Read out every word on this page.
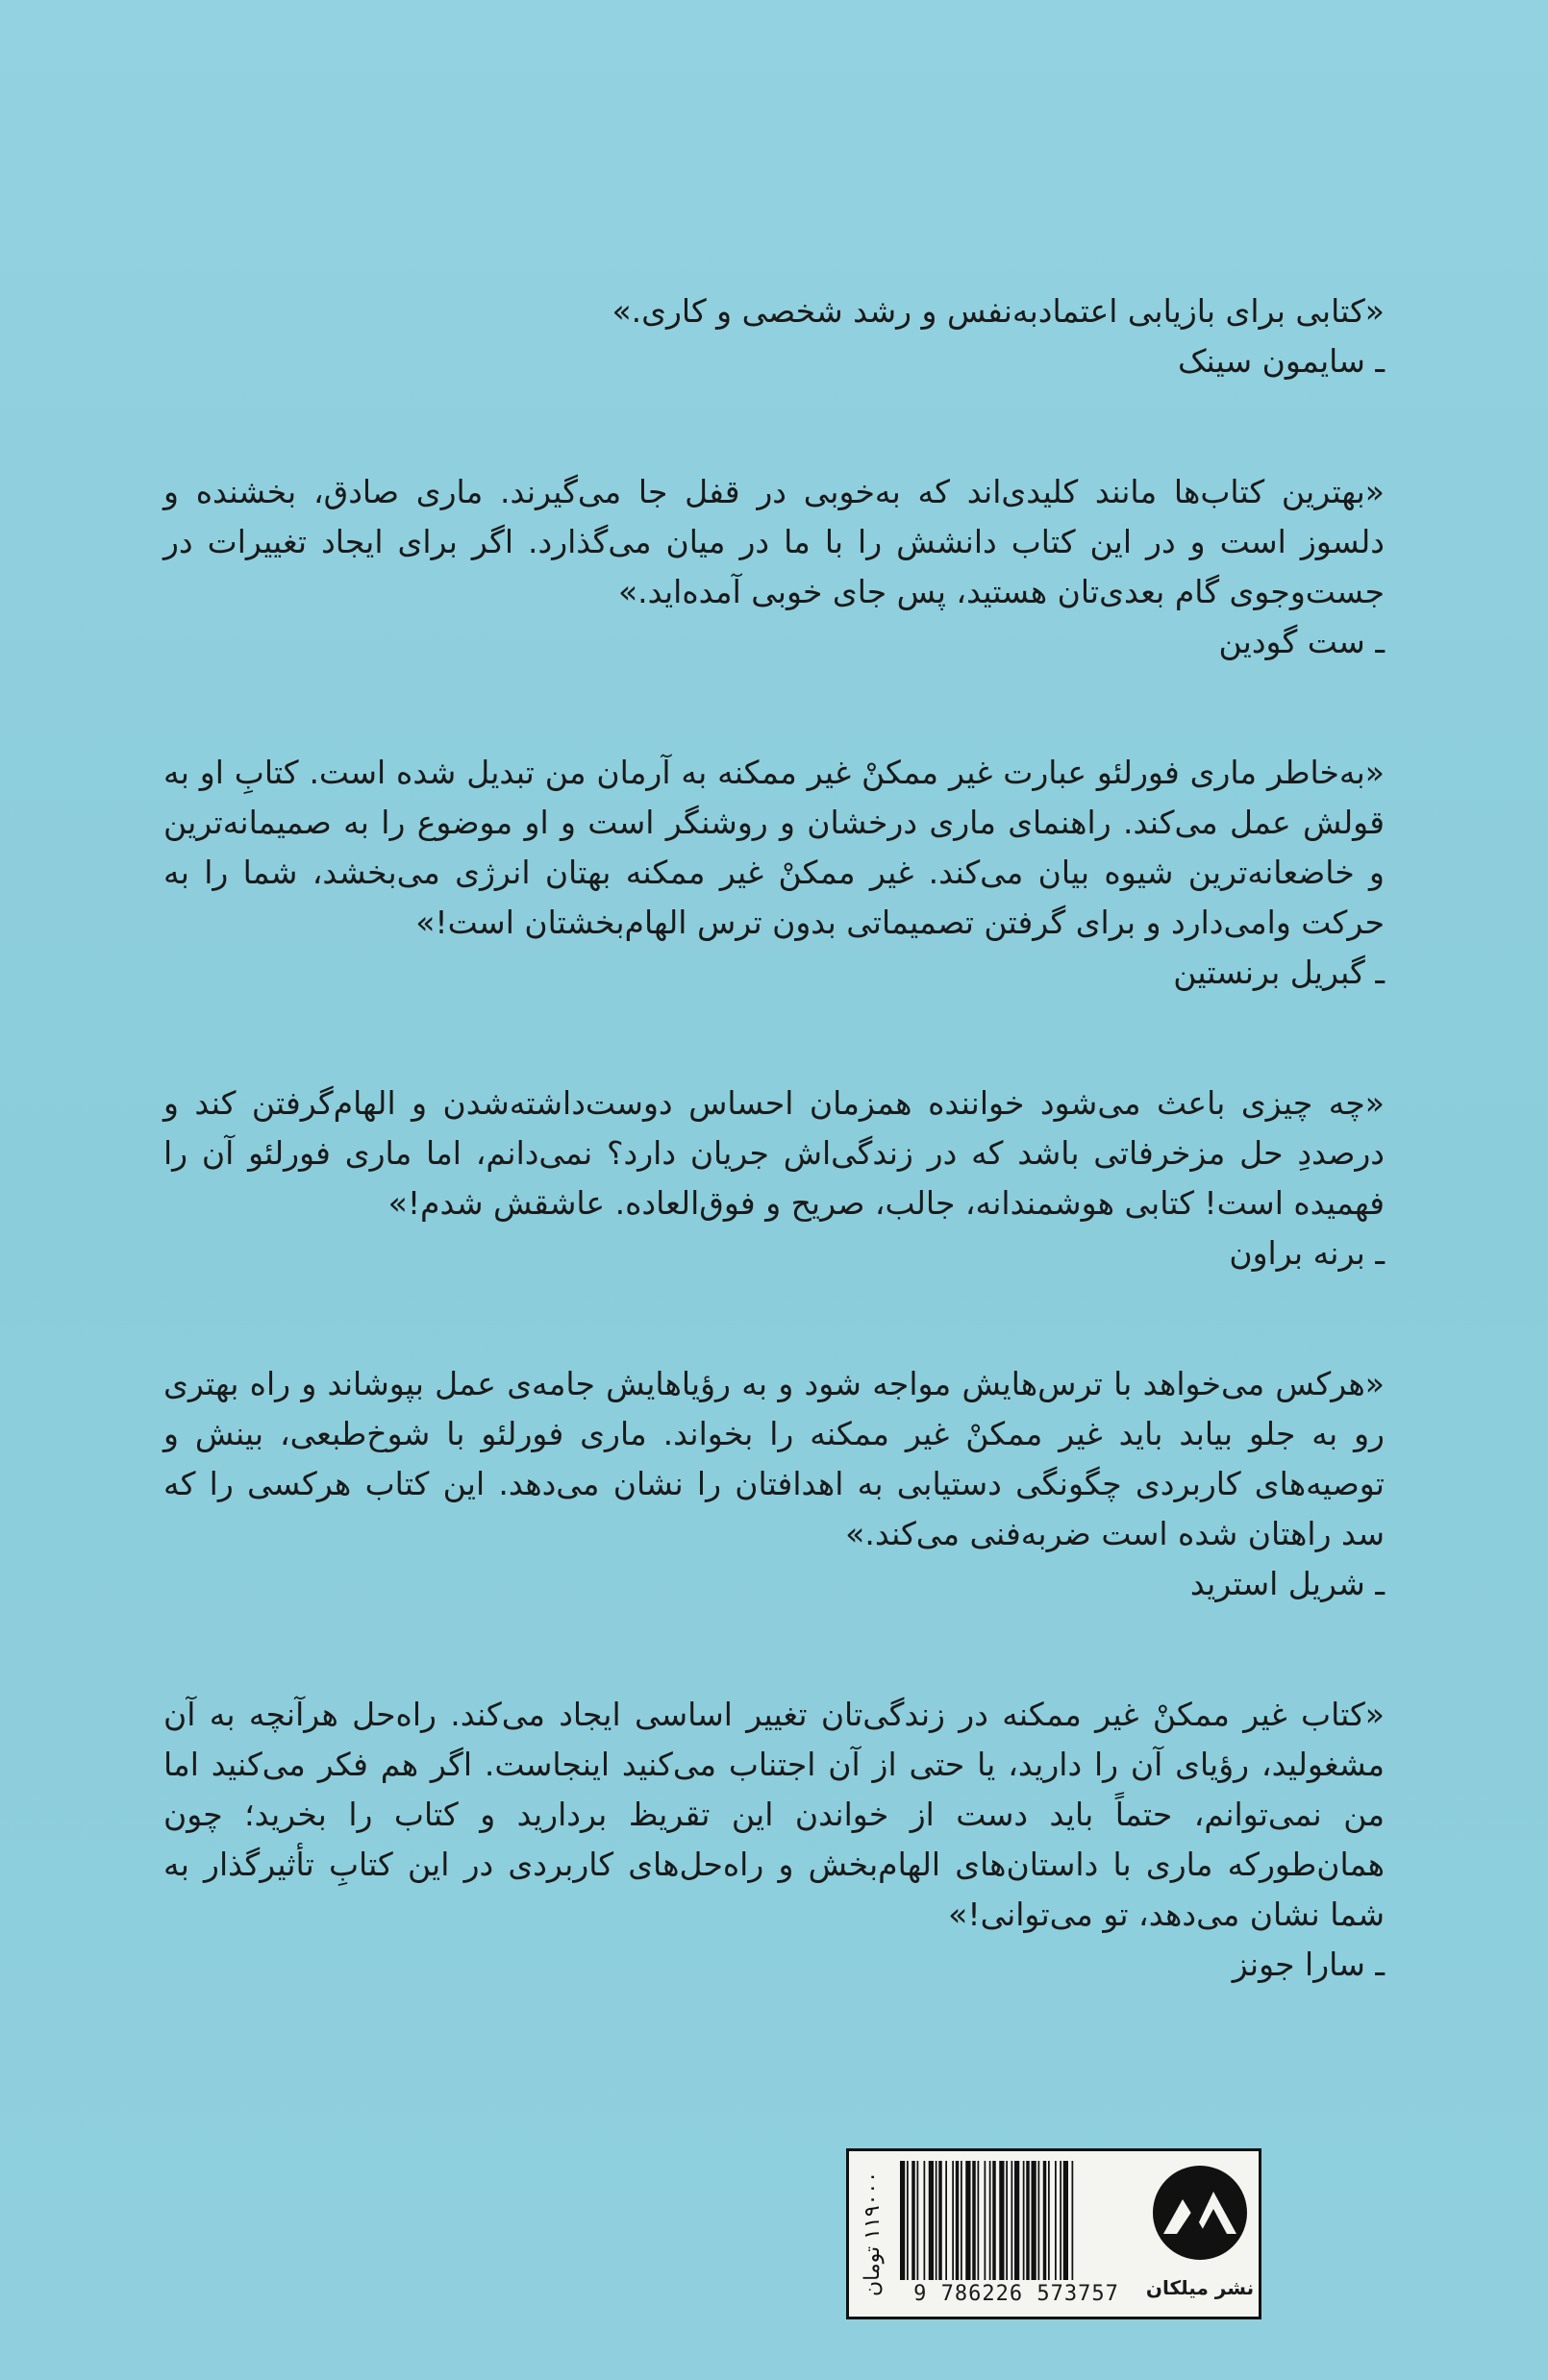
«کتابی برای بازیابی اعتمادبه‌نفس و رشد شخصی و کاری.»

ـ سایمون سینک

«بهترین کتاب‌ها مانند کلیدی‌اند که به‌خوبی در قفل جا می‌گیرند. ماری صادق، بخشنده و دلسوز است و در این کتاب دانشش را با ما در میان می‌گذارد. اگر برای ایجاد تغییرات در جست‌وجوی گام بعدی‌تان هستید، پس جای خوبی آمده‌اید.»

ـ ست گودین

«به‌خاطر ماری فورلئو عبارت غیر ممکنْ غیر ممکنه به آرمان من تبدیل شده است. کتابِ او به قولش عمل می‌کند. راهنمای ماری درخشان و روشنگر است و او موضوع را به صمیمانه‌ترین و خاضعانه‌ترین شیوه بیان می‌کند. غیر ممکنْ غیر ممکنه بهتان انرژی می‌بخشد، شما را به حرکت وامی‌دارد و برای گرفتن تصمیماتی بدون ترس الهام‌بخشتان است!»

ـ گبریل برنستین

«چه چیزی باعث می‌شود خواننده همزمان احساس دوست‌داشته‌شدن و الهام‌گرفتن کند و درصددِ حل مزخرفاتی باشد که در زندگی‌اش جریان دارد؟ نمی‌دانم، اما ماری فورلئو آن را فهمیده است! کتابی هوشمندانه، جالب، صریح و فوق‌العاده. عاشقش شدم!»

ـ برنه براون

«هرکس می‌خواهد با ترس‌هایش مواجه شود و به رؤیاهایش جامه‌ی عمل بپوشاند و راه بهتری رو به جلو بیابد باید غیر ممکنْ غیر ممکنه را بخواند. ماری فورلئو با شوخ‌طبعی، بینش و توصیه‌های کاربردی چگونگی دستیابی به اهدافتان را نشان می‌دهد. این کتاب هرکسی را که سد راهتان شده است ضربه‌فنی می‌کند.»

ـ شریل استرید

«کتاب غیر ممکنْ غیر ممکنه در زندگی‌تان تغییر اساسی ایجاد می‌کند. راه‌حل هرآنچه به آن مشغولید، رؤیای آن را دارید، یا حتی از آن اجتناب می‌کنید اینجاست. اگر هم فکر می‌کنید اما من نمی‌توانم، حتماً باید دست از خواندن این تقریظ بردارید و کتاب را بخرید؛ چون همان‌طورکه ماری با داستان‌های الهام‌بخش و راه‌حل‌های کاربردی در این کتابِ تأثیرگذار به شما نشان می‌دهد، تو می‌توانی!»

ـ سارا جونز

۱۱۹۰۰۰ تومان
9 786226 573757	نشر میلکان
